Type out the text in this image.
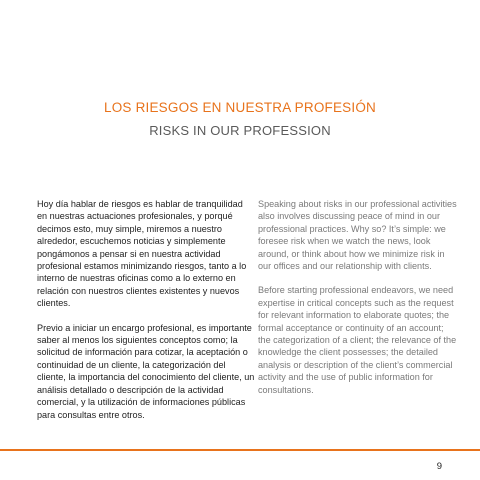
LOS RIESGOS EN NUESTRA PROFESIÓN
RISKS IN OUR PROFESSION

Hoy día hablar de riesgos es hablar de tranquilidad en nuestras actuaciones profesionales, y porqué decimos esto, muy simple, miremos a nuestro alrededor, escuchemos noticias y simplemente pongámonos a pensar si en nuestra actividad profesional estamos minimizando riesgos, tanto a lo interno de nuestras oficinas como a lo externo en relación con nuestros clientes existentes y nuevos clientes.

Previo a iniciar un encargo profesional, es importante saber al menos los siguientes conceptos como; la solicitud de información para cotizar, la aceptación o continuidad de un cliente, la categorización del cliente, la importancia del conocimiento del cliente, un análisis detallado o descripción de la actividad comercial, y la utilización de informaciones públicas para consultas entre otros.

Speaking about risks in our professional activities also involves discussing peace of mind in our professional practices. Why so? It’s simple: we foresee risk when we watch the news, look around, or think about how we minimize risk in our offices and our relationship with clients.

Before starting professional endeavors, we need expertise in critical concepts such as the request for relevant information to elaborate quotes; the formal acceptance or continuity of an account; the categorization of a client; the relevance of the knowledge the client possesses; the detailed analysis or description of the client’s commercial activity and the use of public information for consultations.

9
